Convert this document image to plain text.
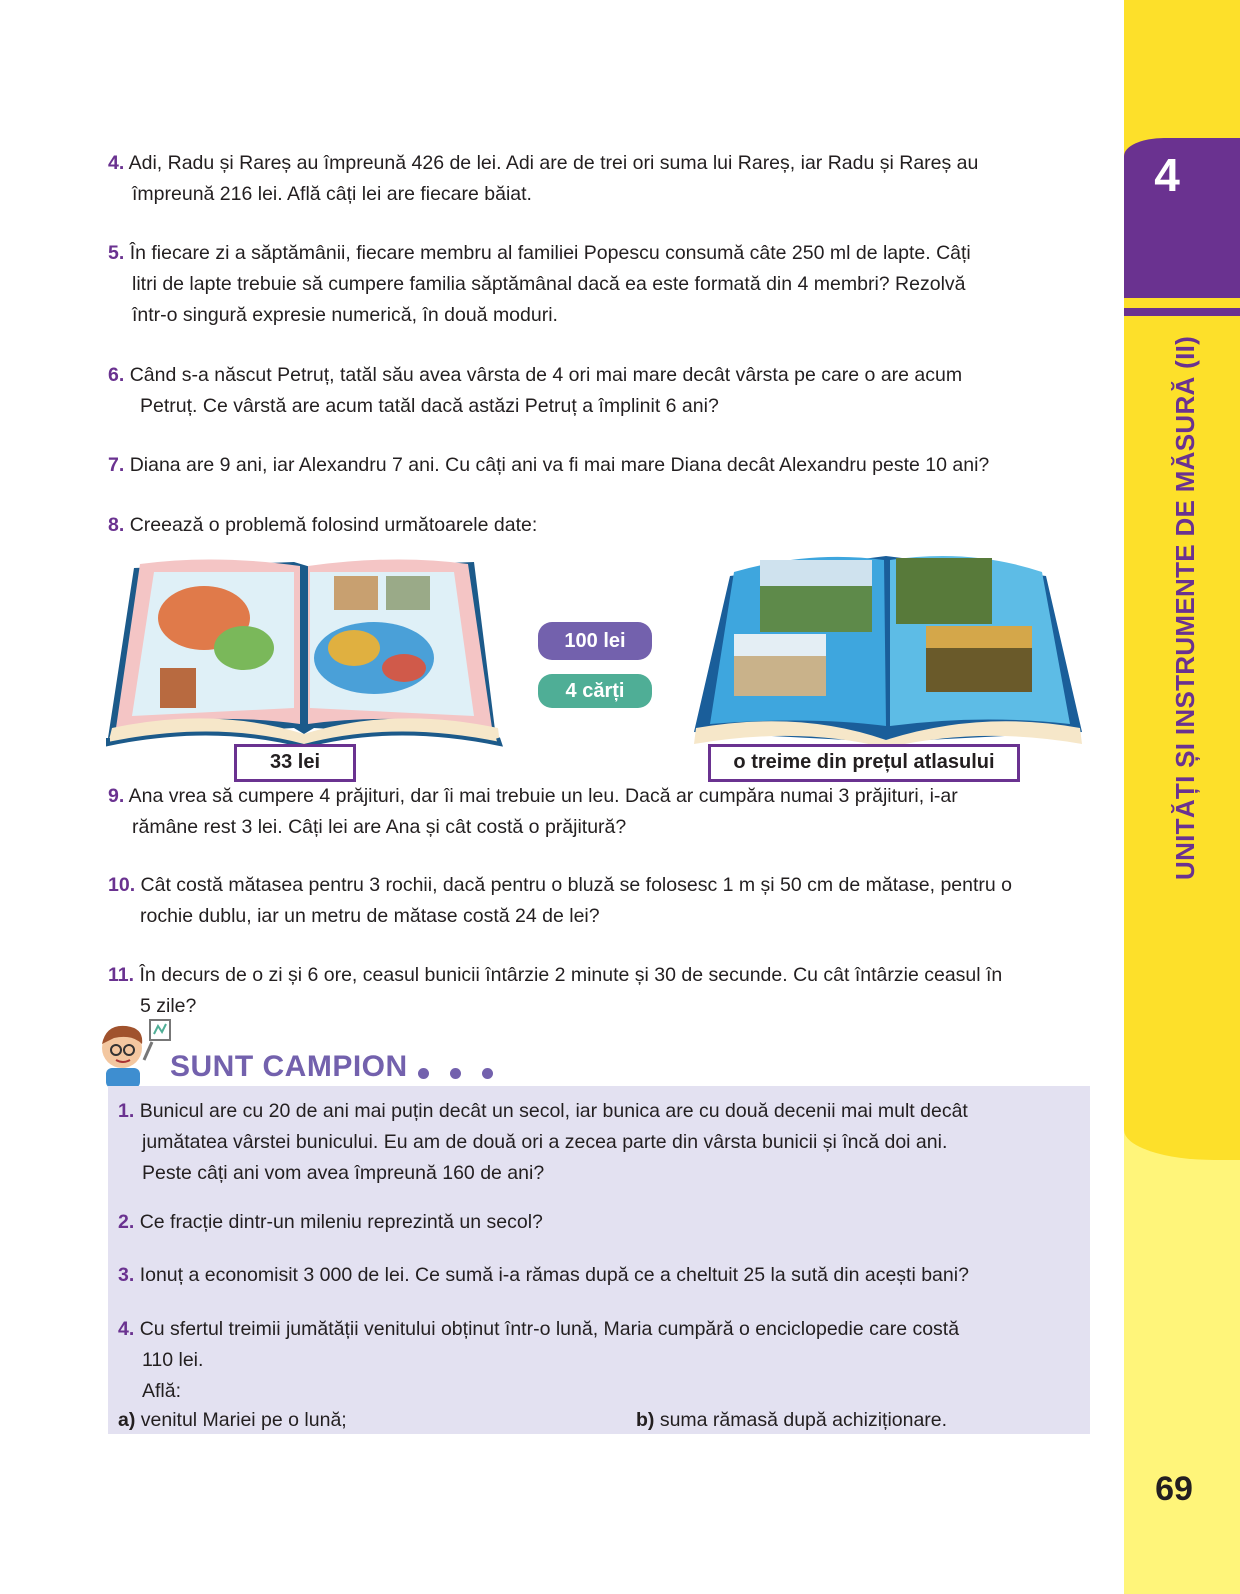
4
UNITĂȚI ȘI INSTRUMENTE DE MĂSURĂ (II)
69
4. Adi, Radu și Rareș au împreună 426 de lei. Adi are de trei ori suma lui Rareș, iar Radu și Rareș au
împreună 216 lei. Află câți lei are fiecare băiat.
5. În fiecare zi a săptămânii, fiecare membru al familiei Popescu consumă câte 250 ml de lapte. Câți
litri de lapte trebuie să cumpere familia săptămânal dacă ea este formată din 4 membri? Rezolvă
într-o singură expresie numerică, în două moduri.
6. Când s-a născut Petruț, tatăl său avea vârsta de 4 ori mai mare decât vârsta pe care o are acum
Petruț. Ce vârstă are acum tatăl dacă astăzi Petruț a împlinit 6 ani?
7. Diana are 9 ani, iar Alexandru 7 ani. Cu câți ani va fi mai mare Diana decât Alexandru peste 10 ani?
8. Creează o problemă folosind următoarele date:
33 lei
100 lei
4 cărți
o treime din prețul atlasului
9. Ana vrea să cumpere 4 prăjituri, dar îi mai trebuie un leu. Dacă ar cumpăra numai 3 prăjituri, i-ar
rămâne rest 3 lei. Câți lei are Ana și cât costă o prăjitură?
10. Cât costă mătasea pentru 3 rochii, dacă pentru o bluză se folosesc 1 m și 50 cm de mătase, pentru o
rochie dublu, iar un metru de mătase costă 24 de lei?
11. În decurs de o zi și 6 ore, ceasul bunicii întârzie 2 minute și 30 de secunde. Cu cât întârzie ceasul în
5 zile?
SUNT CAMPION
1. Bunicul are cu 20 de ani mai puțin decât un secol, iar bunica are cu două decenii mai mult decât
jumătatea vârstei bunicului. Eu am de două ori a zecea parte din vârsta bunicii și încă doi ani.
Peste câți ani vom avea împreună 160 de ani?
2. Ce fracție dintr-un mileniu reprezintă un secol?
3. Ionuț a economisit 3 000 de lei. Ce sumă i-a rămas după ce a cheltuit 25 la sută din acești bani?
4. Cu sfertul treimii jumătății venitului obținut într-o lună, Maria cumpără o enciclopedie care costă
110 lei.
Află:
a) venitul Mariei pe o lună;	b) suma rămasă după achiziționare.
